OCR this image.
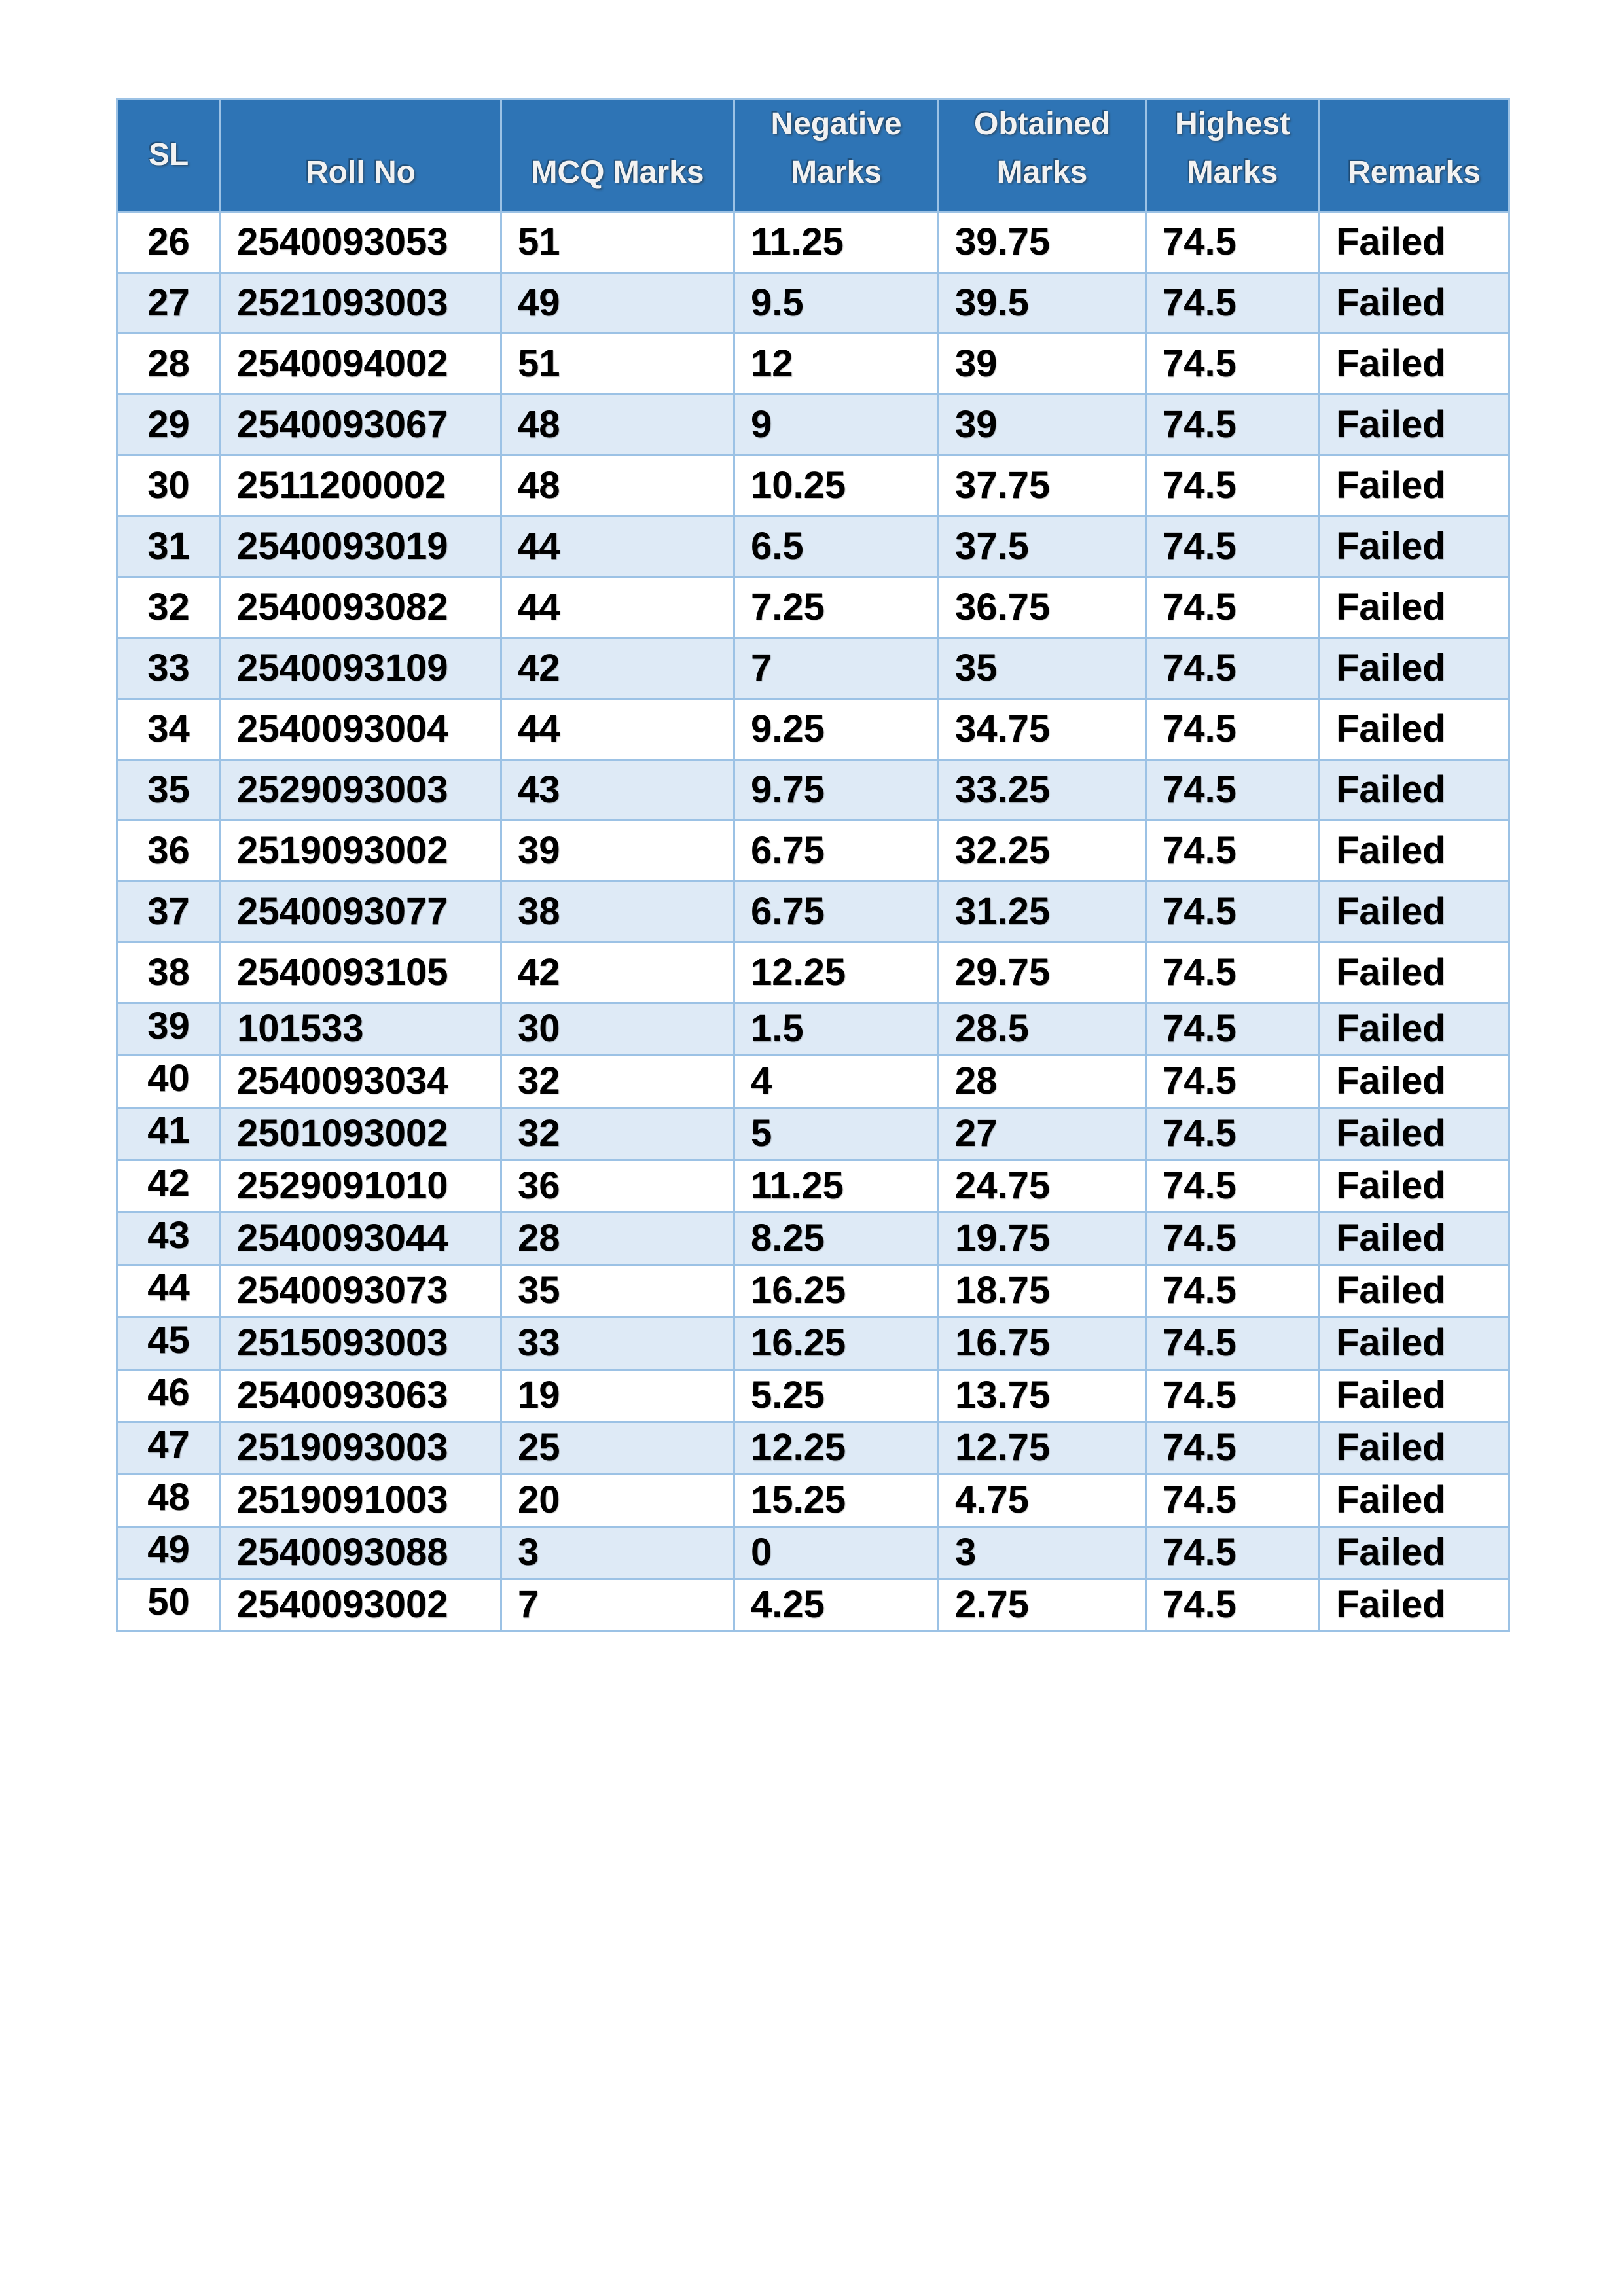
SL	Roll No	MCQ Marks	Negative Marks	Obtained Marks	Highest Marks	Remarks
26	2540093053	51	11.25	39.75	74.5	Failed
27	2521093003	49	9.5	39.5	74.5	Failed
28	2540094002	51	12	39	74.5	Failed
29	2540093067	48	9	39	74.5	Failed
30	2511200002	48	10.25	37.75	74.5	Failed
31	2540093019	44	6.5	37.5	74.5	Failed
32	2540093082	44	7.25	36.75	74.5	Failed
33	2540093109	42	7	35	74.5	Failed
34	2540093004	44	9.25	34.75	74.5	Failed
35	2529093003	43	9.75	33.25	74.5	Failed
36	2519093002	39	6.75	32.25	74.5	Failed
37	2540093077	38	6.75	31.25	74.5	Failed
38	2540093105	42	12.25	29.75	74.5	Failed
39	101533	30	1.5	28.5	74.5	Failed
40	2540093034	32	4	28	74.5	Failed
41	2501093002	32	5	27	74.5	Failed
42	2529091010	36	11.25	24.75	74.5	Failed
43	2540093044	28	8.25	19.75	74.5	Failed
44	2540093073	35	16.25	18.75	74.5	Failed
45	2515093003	33	16.25	16.75	74.5	Failed
46	2540093063	19	5.25	13.75	74.5	Failed
47	2519093003	25	12.25	12.75	74.5	Failed
48	2519091003	20	15.25	4.75	74.5	Failed
49	2540093088	3	0	3	74.5	Failed
50	2540093002	7	4.25	2.75	74.5	Failed
